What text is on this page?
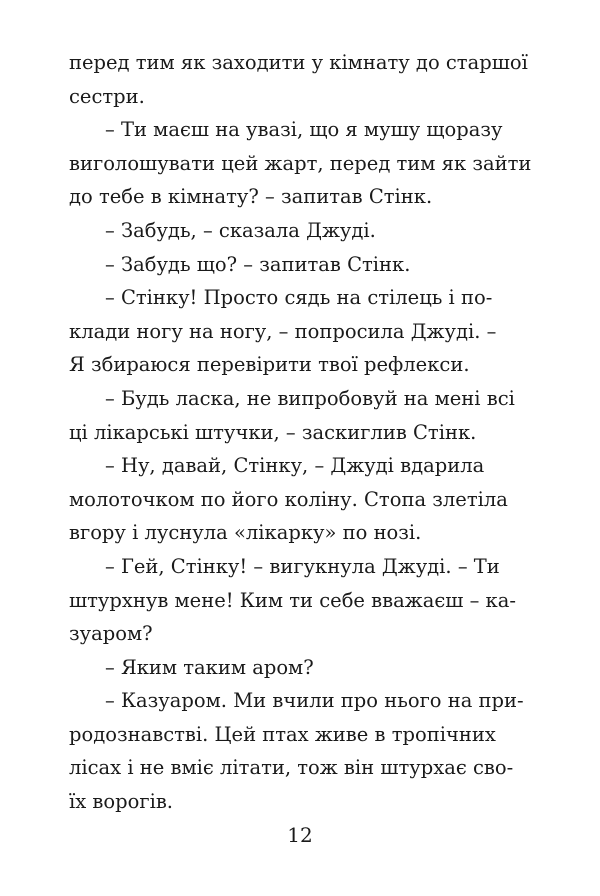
перед тим як заходити у кімнату до старшої
сестри.
– Ти маєш на увазі, що я мушу щоразу
виголошувати цей жарт, перед тим як зайти
до тебе в кімнату? – запитав Стінк.
– Забудь, – сказала Джуді.
– Забудь що? – запитав Стінк.
– Стінку! Просто сядь на стілець і по-
клади ногу на ногу, – попросила Джуді. –
Я збираюся перевірити твої рефлекси.
– Будь ласка, не випробовуй на мені всі
ці лікарські штучки, – заскиглив Стінк.
– Ну, давай, Стінку, – Джуді вдарила
молоточком по його коліну. Стопа злетіла
вгору і луснула «лікарку» по нозі.
– Гей, Стінку! – вигукнула Джуді. – Ти
штурхнув мене! Ким ти себе вважаєш – ка-
зуаром?
– Яким таким аром?
– Казуаром. Ми вчили про нього на при-
родознавстві. Цей птах живе в тропічних
лісах і не вміє літати, тож він штурхає сво-
їх ворогів.
12
